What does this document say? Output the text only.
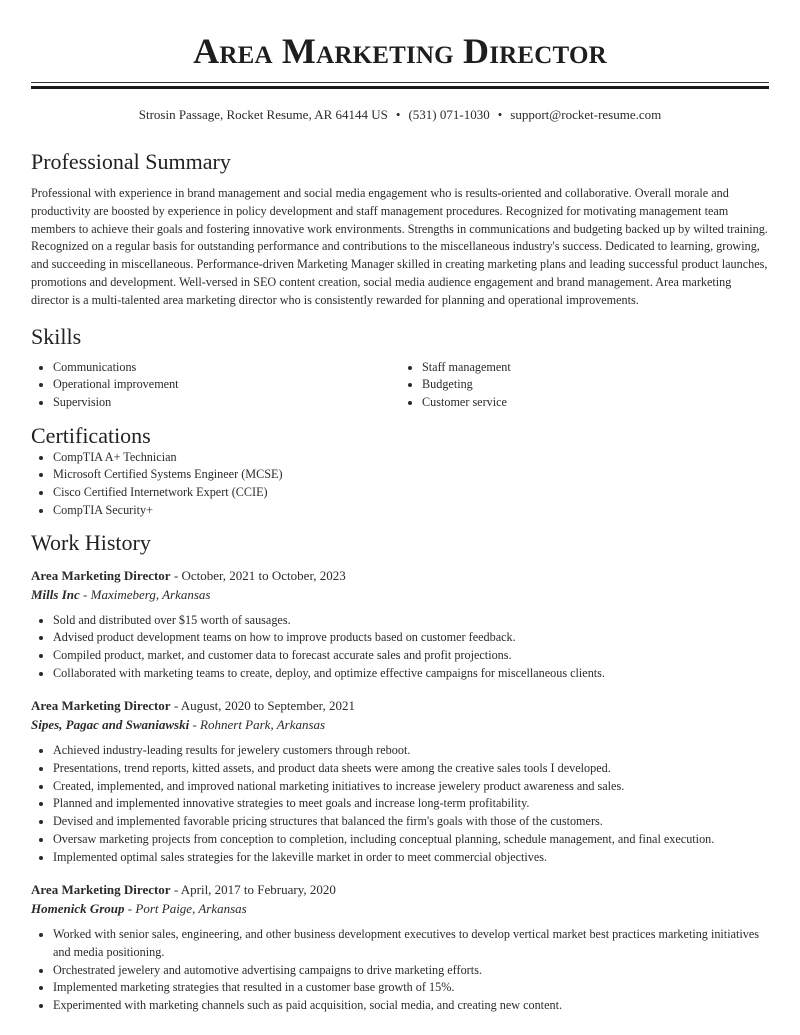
Area Marketing Director
Strosin Passage, Rocket Resume, AR 64144 US • (531) 071-1030 • support@rocket-resume.com
Professional Summary

Professional with experience in brand management and social media engagement who is results-oriented and collaborative. Overall morale and productivity are boosted by experience in policy development and staff management procedures. Recognized for motivating management team members to achieve their goals and fostering innovative work environments. Strengths in communications and budgeting backed up by wilted training. Recognized on a regular basis for outstanding performance and contributions to the miscellaneous industry's success. Dedicated to learning, growing, and succeeding in miscellaneous. Performance-driven Marketing Manager skilled in creating marketing plans and leading successful product launches, promotions and development. Well-versed in SEO content creation, social media audience engagement and brand management. Area marketing director is a multi-talented area marketing director who is consistently rewarded for planning and operational improvements.

Skills
• Communications
• Operational improvement
• Supervision
• Staff management
• Budgeting
• Customer service
Certifications
• CompTIA A+ Technician
• Microsoft Certified Systems Engineer (MCSE)
• Cisco Certified Internetwork Expert (CCIE)
• CompTIA Security+
Work History
Area Marketing Director - October, 2021 to October, 2023
Mills Inc - Maximeberg, Arkansas
• Sold and distributed over $15 worth of sausages.
• Advised product development teams on how to improve products based on customer feedback.
• Compiled product, market, and customer data to forecast accurate sales and profit projections.
• Collaborated with marketing teams to create, deploy, and optimize effective campaigns for miscellaneous clients.
Area Marketing Director - August, 2020 to September, 2021
Sipes, Pagac and Swaniawski - Rohnert Park, Arkansas
• Achieved industry-leading results for jewelery customers through reboot.
• Presentations, trend reports, kitted assets, and product data sheets were among the creative sales tools I developed.
• Created, implemented, and improved national marketing initiatives to increase jewelery product awareness and sales.
• Planned and implemented innovative strategies to meet goals and increase long-term profitability.
• Devised and implemented favorable pricing structures that balanced the firm's goals with those of the customers.
• Oversaw marketing projects from conception to completion, including conceptual planning, schedule management, and final execution.
• Implemented optimal sales strategies for the lakeville market in order to meet commercial objectives.
Area Marketing Director - April, 2017 to February, 2020
Homenick Group - Port Paige, Arkansas
• Worked with senior sales, engineering, and other business development executives to develop vertical market best practices marketing initiatives and media positioning.
• Orchestrated jewelery and automotive advertising campaigns to drive marketing efforts.
• Implemented marketing strategies that resulted in a customer base growth of 15%.
• Experimented with marketing channels such as paid acquisition, social media, and creating new content.
